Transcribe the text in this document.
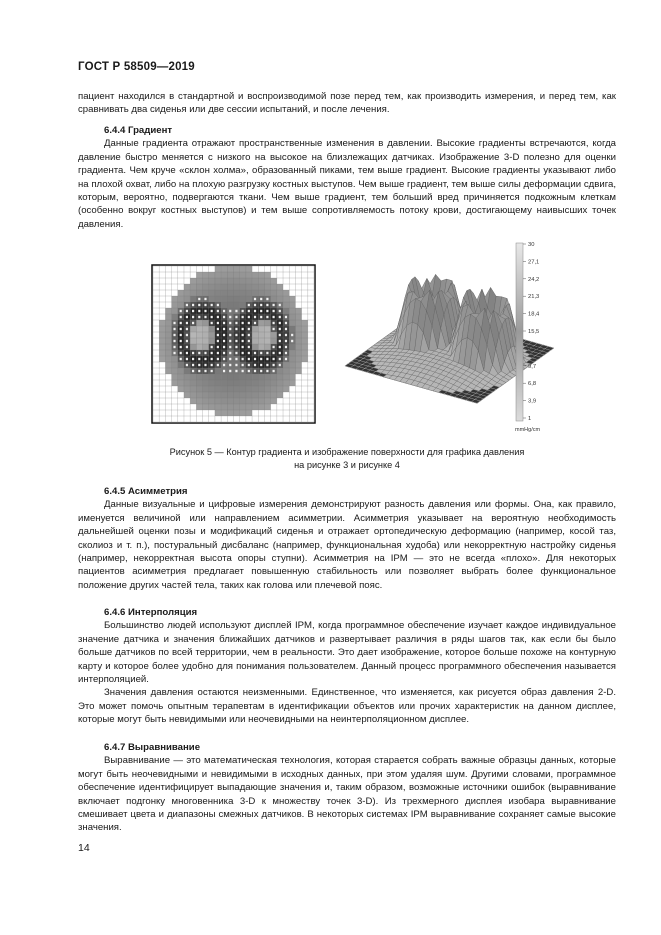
ГОСТ Р 58509—2019

пациент находился в стандартной и воспроизводимой позе перед тем, как производить измерения, и перед тем, как сравнивать два сиденья или две сессии испытаний, и после лечения.

6.4.4 Градиент

Данные градиента отражают пространственные изменения в давлении. Высокие градиенты встречаются, когда давление быстро меняется с низкого на высокое на близлежащих датчиках. Изображение 3-D полезно для оценки градиента. Чем круче «склон холма», образованный пиками, тем выше градиент. Высокие градиенты указывают либо на плохой охват, либо на плохую разгрузку костных выступов. Чем выше градиент, тем выше силы деформации сдвига, которым, вероятно, подвергаются ткани. Чем выше градиент, тем больший вред причиняется подкожным клеткам (особенно вокруг костных выступов) и тем выше сопротивляемость потоку крови, достигающему наивысших точек давления.

30
27,1
24,2
21,3
18,4
15,5
12,6
9,7
6,8
3,9
1
mmHg/cm
Рисунок 5 — Контур градиента и изображение поверхности для графика давления
на рисунке 3 и рисунке 4

6.4.5 Асимметрия

Данные визуальные и цифровые измерения демонстрируют разность давления или формы. Она, как правило, именуется величиной или направлением асимметрии. Асимметрия указывает на вероятную необходимость дальнейшей оценки позы и модификаций сиденья и отражает ортопедическую деформацию (например, косой таз, сколиоз и т. п.), постуральный дисбаланс (например, функциональная худоба) или некорректную настройку сиденья (например, некорректная высота опоры ступни). Асимметрия на IPM — это не всегда «плохо». Для некоторых пациентов асимметрия предлагает повышенную стабильность или позволяет выбрать более функциональное положение других частей тела, таких как голова или плечевой пояс.

6.4.6 Интерполяция

Большинство людей используют дисплей IPM, когда программное обеспечение изучает каждое индивидуальное значение датчика и значения ближайших датчиков и развертывает различия в ряды шагов так, как если бы было больше датчиков по всей территории, чем в реальности. Это дает изображение, которое больше похоже на контурную карту и которое более удобно для понимания пользователем. Данный процесс программного обеспечения называется интерполяцией.

Значения давления остаются неизменными. Единственное, что изменяется, как рисуется образ давления 2-D. Это может помочь опытным терапевтам в идентификации объектов или прочих характеристик на данном дисплее, которые могут быть невидимыми или неочевидными на неинтерполяционном дисплее.

6.4.7 Выравнивание

Выравнивание — это математическая технология, которая старается собрать важные образцы данных, которые могут быть неочевидными и невидимыми в исходных данных, при этом удаляя шум. Другими словами, программное обеспечение идентифицирует выпадающие значения и, таким образом, возможные источники ошибок (выравнивание включает подгонку многовенника 3-D к множеству точек 3-D). Из трехмерного дисплея изобара выравнивание смешивает цвета и диапазоны смежных датчиков. В некоторых системах IPM выравнивание сохраняет самые высокие значения.

14
